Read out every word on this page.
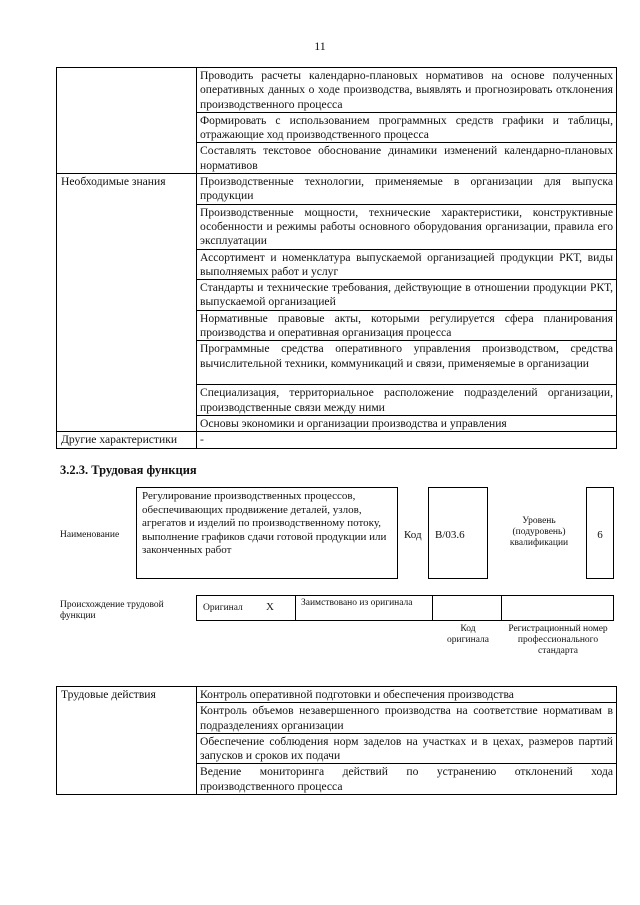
11
	Проводить расчеты календарно-плановых нормативов на основе полученных оперативных данных о ходе производства, выявлять и прогнозировать отклонения производственного процесса
	Формировать с использованием программных средств графики и таблицы, отражающие ход производственного процесса
	Составлять текстовое обоснование динамики изменений календарно-плановых нормативов
Необходимые знания	Производственные технологии, применяемые в организации для выпуска продукции
	Производственные мощности, технические характеристики, конструктивные особенности и режимы работы основного оборудования организации, правила его эксплуатации
	Ассортимент и номенклатура выпускаемой организацией продукции РКТ, виды выполняемых работ и услуг
	Стандарты и технические требования, действующие в отношении продукции РКТ, выпускаемой организацией
	Нормативные правовые акты, которыми регулируется сфера планирования производства и оперативная организация процесса
	Программные средства оперативного управления производством, средства вычислительной техники, коммуникаций и связи, применяемые в организации
	Специализация, территориальное расположение подразделений организации, производственные связи между ними
	Основы экономики и организации производства и управления
Другие характеристики	-
3.2.3. Трудовая функция
Наименование
Регулирование производственных процессов, обеспечивающих продвижение деталей, узлов, агрегатов и изделий по производственному потоку, выполнение графиков сдачи готовой продукции или законченных работ
Код	B/03.6
Уровень (подуровень) квалификации
6
Происхождение трудовой функции
Оригинал X	Заимствовано из оригинала
Код оригинала
Регистрационный номер профессионального стандарта
Трудовые действия	Контроль оперативной подготовки и обеспечения производства
Контроль объемов незавершенного производства на соответствие нормативам в подразделениях организации
Обеспечение соблюдения норм заделов на участках и в цехах, размеров партий запусков и сроков их подачи
Ведение мониторинга действий по устранению отклонений хода производственного процесса
